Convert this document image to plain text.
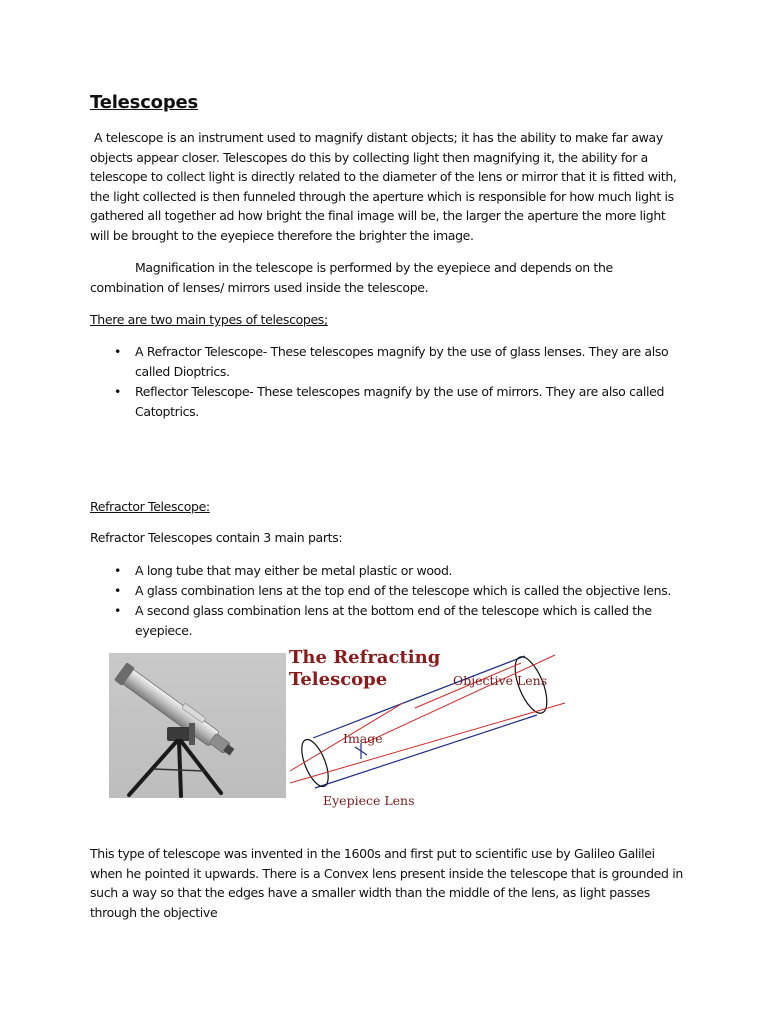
Telescopes

A telescope is an instrument used to magnify distant objects; it has the ability to make far away objects appear closer. Telescopes do this by collecting light then magnifying it, the ability for a telescope to collect light is directly related to the diameter of the lens or mirror that it is fitted with, the light collected is then funneled through the aperture which is responsible for how much light is gathered all together ad how bright the final image will be, the larger the aperture the more light will be brought to the eyepiece therefore the brighter the image.

Magnification in the telescope is performed by the eyepiece and depends on the combination of lenses/ mirrors used inside the telescope.

There are two main types of telescopes;

• A Refractor Telescope- These telescopes magnify by the use of glass lenses. They are also called Dioptrics.
• Reflector Telescope- These telescopes magnify by the use of mirrors. They are also called Catoptrics.

Refractor Telescope:

Refractor Telescopes contain 3 main parts:

• A long tube that may either be metal plastic or wood.
• A glass combination lens at the top end of the telescope which is called the objective lens.
• A second glass combination lens at the bottom end of the telescope which is called the eyepiece.
The Refracting
Telescope	Objective Lens
Image
Eyepiece Lens

This type of telescope was invented in the 1600s and first put to scientific use by Galileo Galilei when he pointed it upwards. There is a Convex lens present inside the telescope that is grounded in such a way so that the edges have a smaller width than the middle of the lens, as light passes through the objective
